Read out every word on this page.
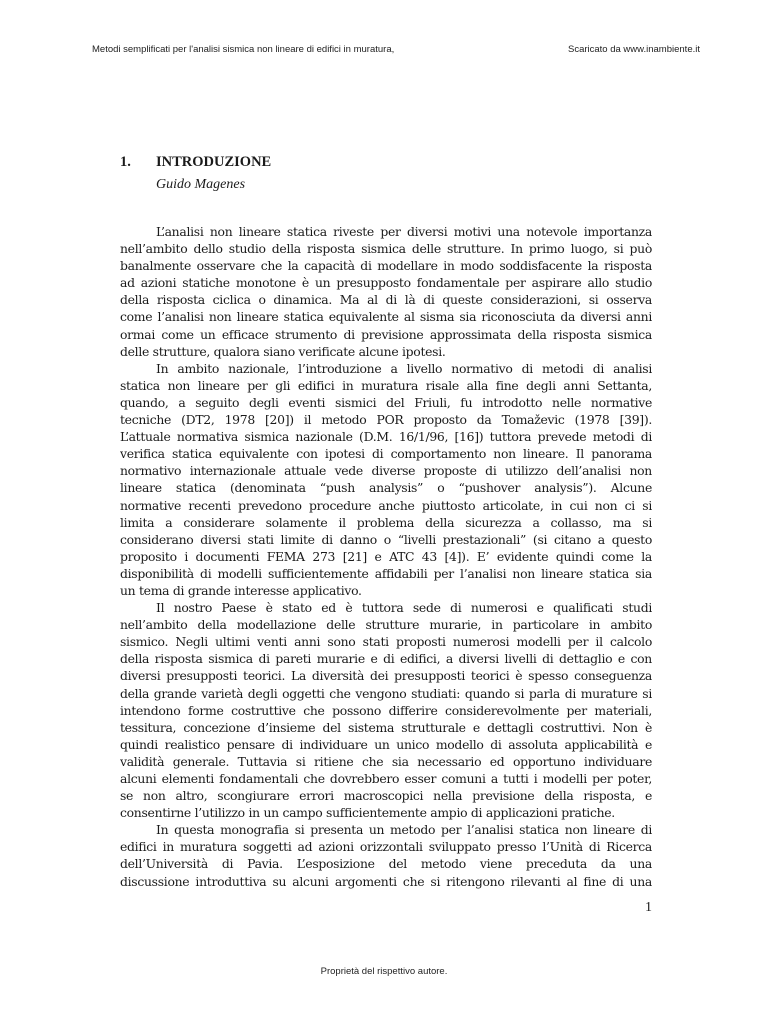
Metodi semplificati per l'analisi sismica non lineare di edifici in muratura,	Scaricato da www.inambiente.it
1. INTRODUZIONE
Guido Magenes
L’analisi non lineare statica riveste per diversi motivi una notevole importanza
nell’ambito dello studio della risposta sismica delle strutture. In primo luogo, si può
banalmente osservare che la capacità di modellare in modo soddisfacente la risposta
ad azioni statiche monotone è un presupposto fondamentale per aspirare allo studio
della risposta ciclica o dinamica. Ma al di là di queste considerazioni, si osserva
come l’analisi non lineare statica equivalente al sisma sia riconosciuta da diversi anni
ormai come un efficace strumento di previsione approssimata della risposta sismica
delle strutture, qualora siano verificate alcune ipotesi.
In ambito nazionale, l’introduzione a livello normativo di metodi di analisi
statica non lineare per gli edifici in muratura risale alla fine degli anni Settanta,
quando, a seguito degli eventi sismici del Friuli, fu introdotto nelle normative
tecniche (DT2, 1978 [20]) il metodo POR proposto da Tomaževic (1978 [39]).
L’attuale normativa sismica nazionale (D.M. 16/1/96, [16]) tuttora prevede metodi di
verifica statica equivalente con ipotesi di comportamento non lineare. Il panorama
normativo internazionale attuale vede diverse proposte di utilizzo dell’analisi non
lineare statica (denominata “push analysis” o “pushover analysis”). Alcune
normative recenti prevedono procedure anche piuttosto articolate, in cui non ci si
limita a considerare solamente il problema della sicurezza a collasso, ma si
considerano diversi stati limite di danno o “livelli prestazionali” (si citano a questo
proposito i documenti FEMA 273 [21] e ATC 43 [4]). E’ evidente quindi come la
disponibilità di modelli sufficientemente affidabili per l’analisi non lineare statica sia
un tema di grande interesse applicativo.
Il nostro Paese è stato ed è tuttora sede di numerosi e qualificati studi
nell’ambito della modellazione delle strutture murarie, in particolare in ambito
sismico. Negli ultimi venti anni sono stati proposti numerosi modelli per il calcolo
della risposta sismica di pareti murarie e di edifici, a diversi livelli di dettaglio e con
diversi presupposti teorici. La diversità dei presupposti teorici è spesso conseguenza
della grande varietà degli oggetti che vengono studiati: quando si parla di murature si
intendono forme costruttive che possono differire considerevolmente per materiali,
tessitura, concezione d’insieme del sistema strutturale e dettagli costruttivi. Non è
quindi realistico pensare di individuare un unico modello di assoluta applicabilità e
validità generale. Tuttavia si ritiene che sia necessario ed opportuno individuare
alcuni elementi fondamentali che dovrebbero esser comuni a tutti i modelli per poter,
se non altro, scongiurare errori macroscopici nella previsione della risposta, e
consentirne l’utilizzo in un campo sufficientemente ampio di applicazioni pratiche.
In questa monografia si presenta un metodo per l’analisi statica non lineare di
edifici in muratura soggetti ad azioni orizzontali sviluppato presso l’Unità di Ricerca
dell’Università di Pavia. L’esposizione del metodo viene preceduta da una
discussione introduttiva su alcuni argomenti che si ritengono rilevanti al fine di una
1
Proprietà del rispettivo autore.
